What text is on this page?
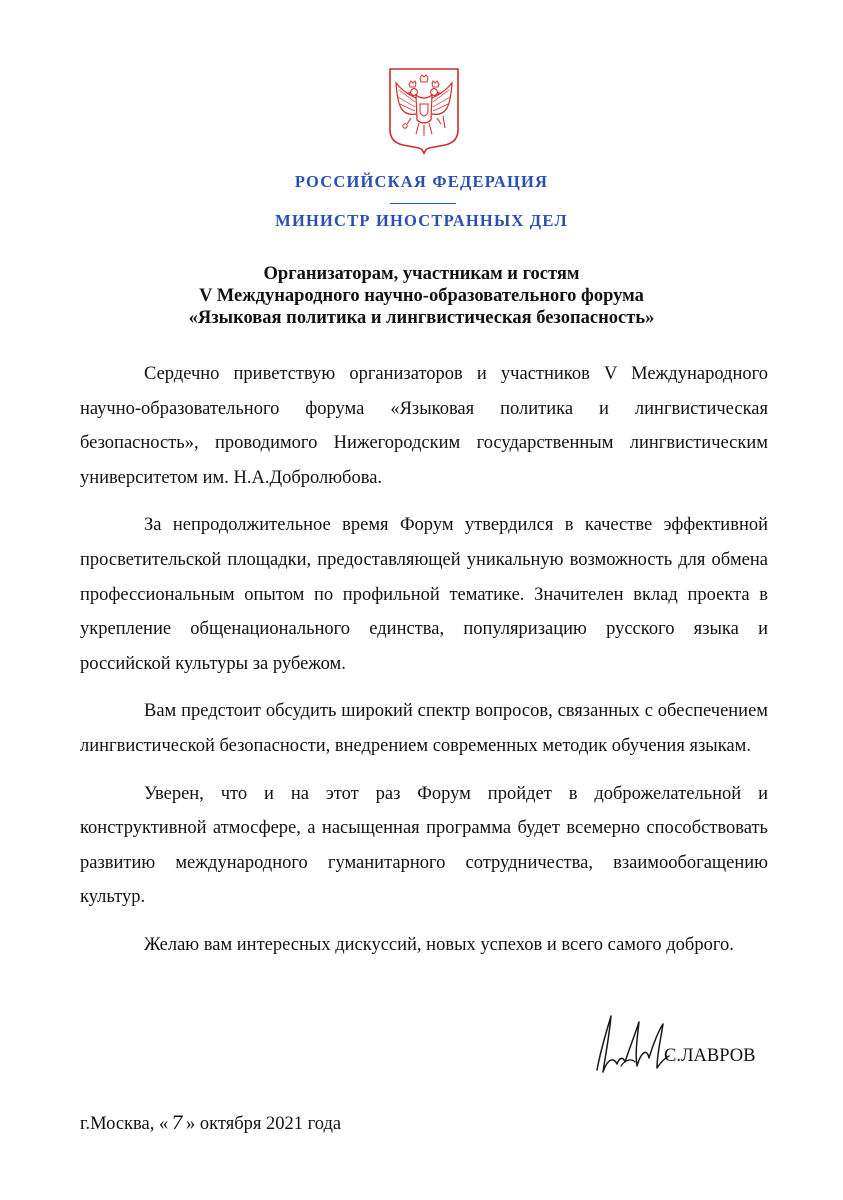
РОССИЙСКАЯ ФЕДЕРАЦИЯ
МИНИСТР ИНОСТРАННЫХ ДЕЛ
Организаторам, участникам и гостям
V Международного научно-образовательного форума
«Языковая политика и лингвистическая безопасность»

Сердечно приветствую организаторов и участников V Международного научно-образовательного форума «Языковая политика и лингвистическая безопасность», проводимого Нижегородским государственным лингвистическим университетом им. Н.А.Добролюбова.

За непродолжительное время Форум утвердился в качестве эффективной просветительской площадки, предоставляющей уникальную возможность для обмена профессиональным опытом по профильной тематике. Значителен вклад проекта в укрепление общенационального единства, популяризацию русского языка и российской культуры за рубежом.

Вам предстоит обсудить широкий спектр вопросов, связанных с обеспечением лингвистической безопасности, внедрением современных методик обучения языкам.

Уверен, что и на этот раз Форум пройдет в доброжелательной и конструктивной атмосфере, а насыщенная программа будет всемерно способствовать развитию международного гуманитарного сотрудничества, взаимообогащению культур.

Желаю вам интересных дискуссий, новых успехов и всего самого доброго.

С.ЛАВРОВ
г.Москва, « 7 » октября 2021 года
